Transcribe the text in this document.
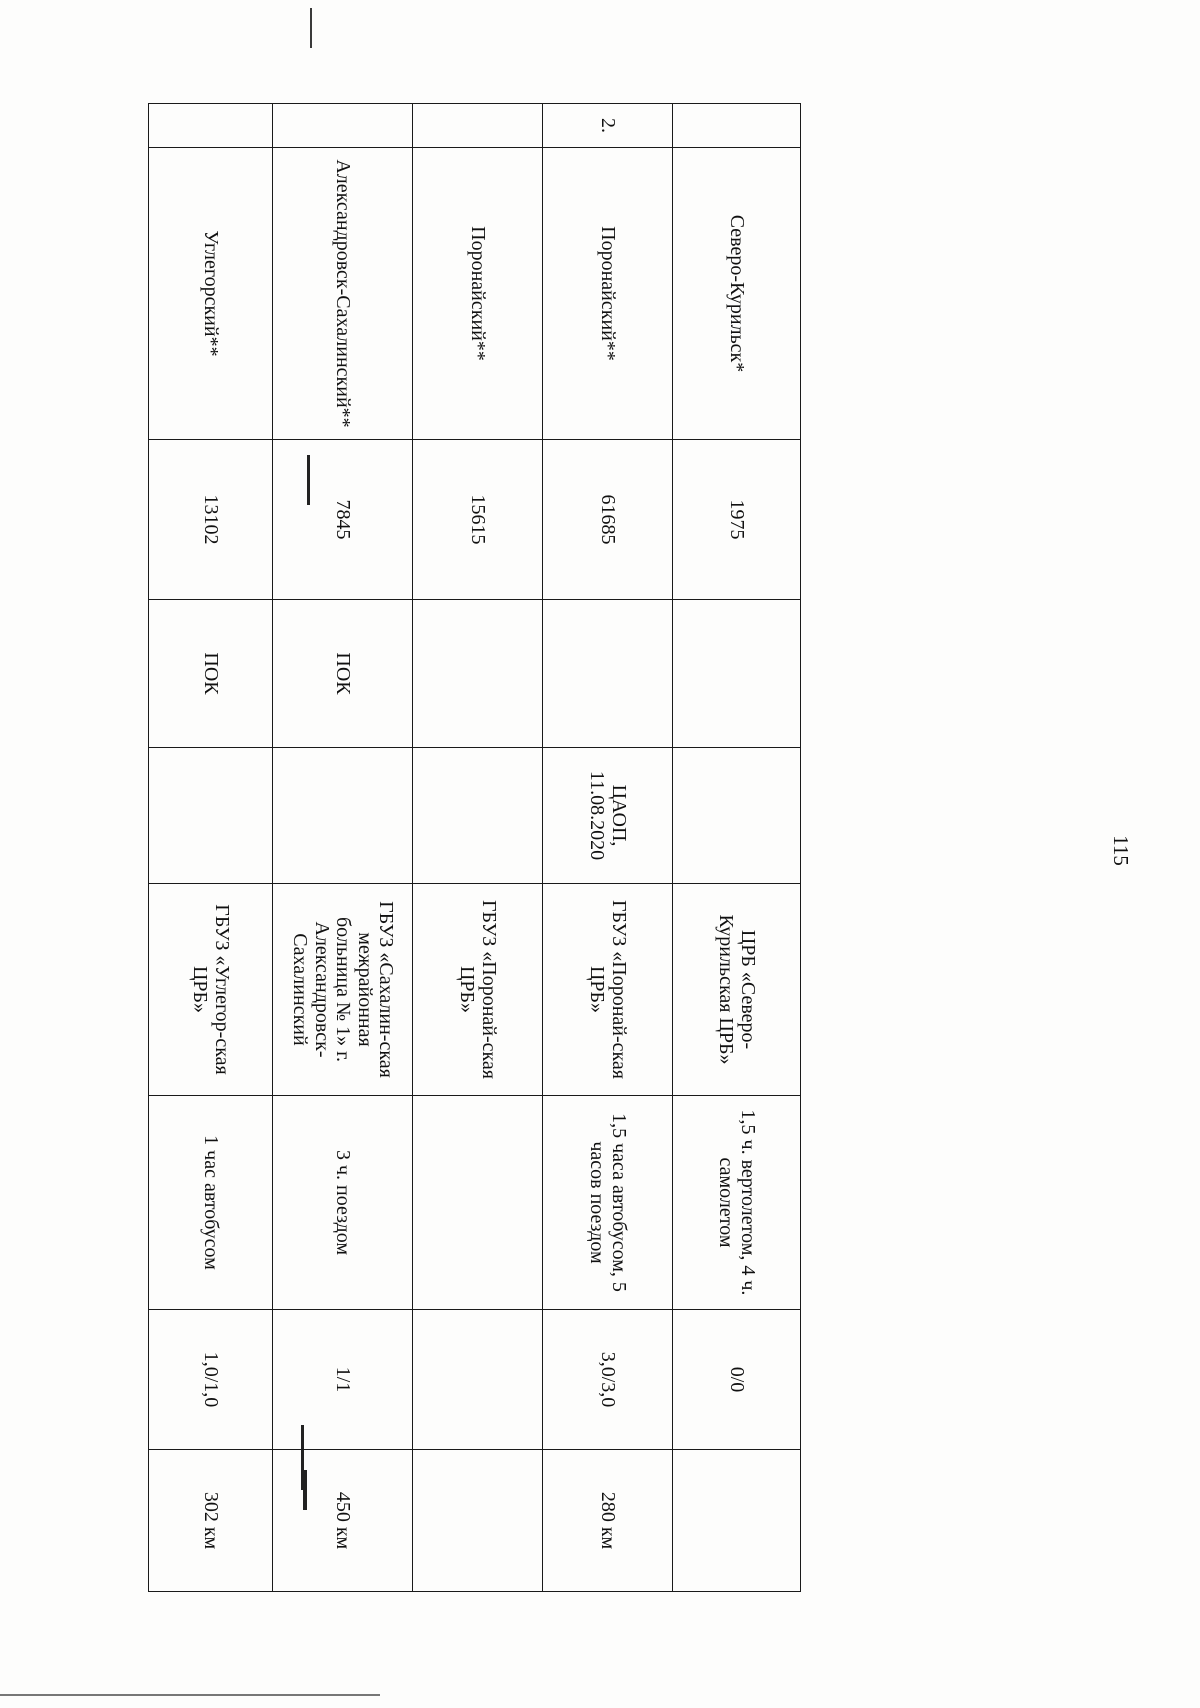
115
	Северо-Курильск*	1975			ЦРБ «Северо-Курильская ЦРБ»	1,5 ч. вертолетом, 4 ч. самолетом	0/0	
2.	Поронайский**	61685		ЦАОП, 11.08.2020	ГБУЗ «Поронай-ская ЦРБ»	1,5 часа автобусом, 5 часов поездом	3,0/3,0	280 км
	Поронайский**	15615			ГБУЗ «Поронай-ская ЦРБ»			
	Александровск-Сахалинский**	7845	ПОК		ГБУЗ «Сахалин-ская межрайонная больница № 1» г. Александровск-Сахалинский	3 ч. поездом	1/1	450 км
	Углегорский**	13102	ПОК		ГБУЗ «Углегор-ская ЦРБ»	1 час автобусом	1,0/1,0	302 км
